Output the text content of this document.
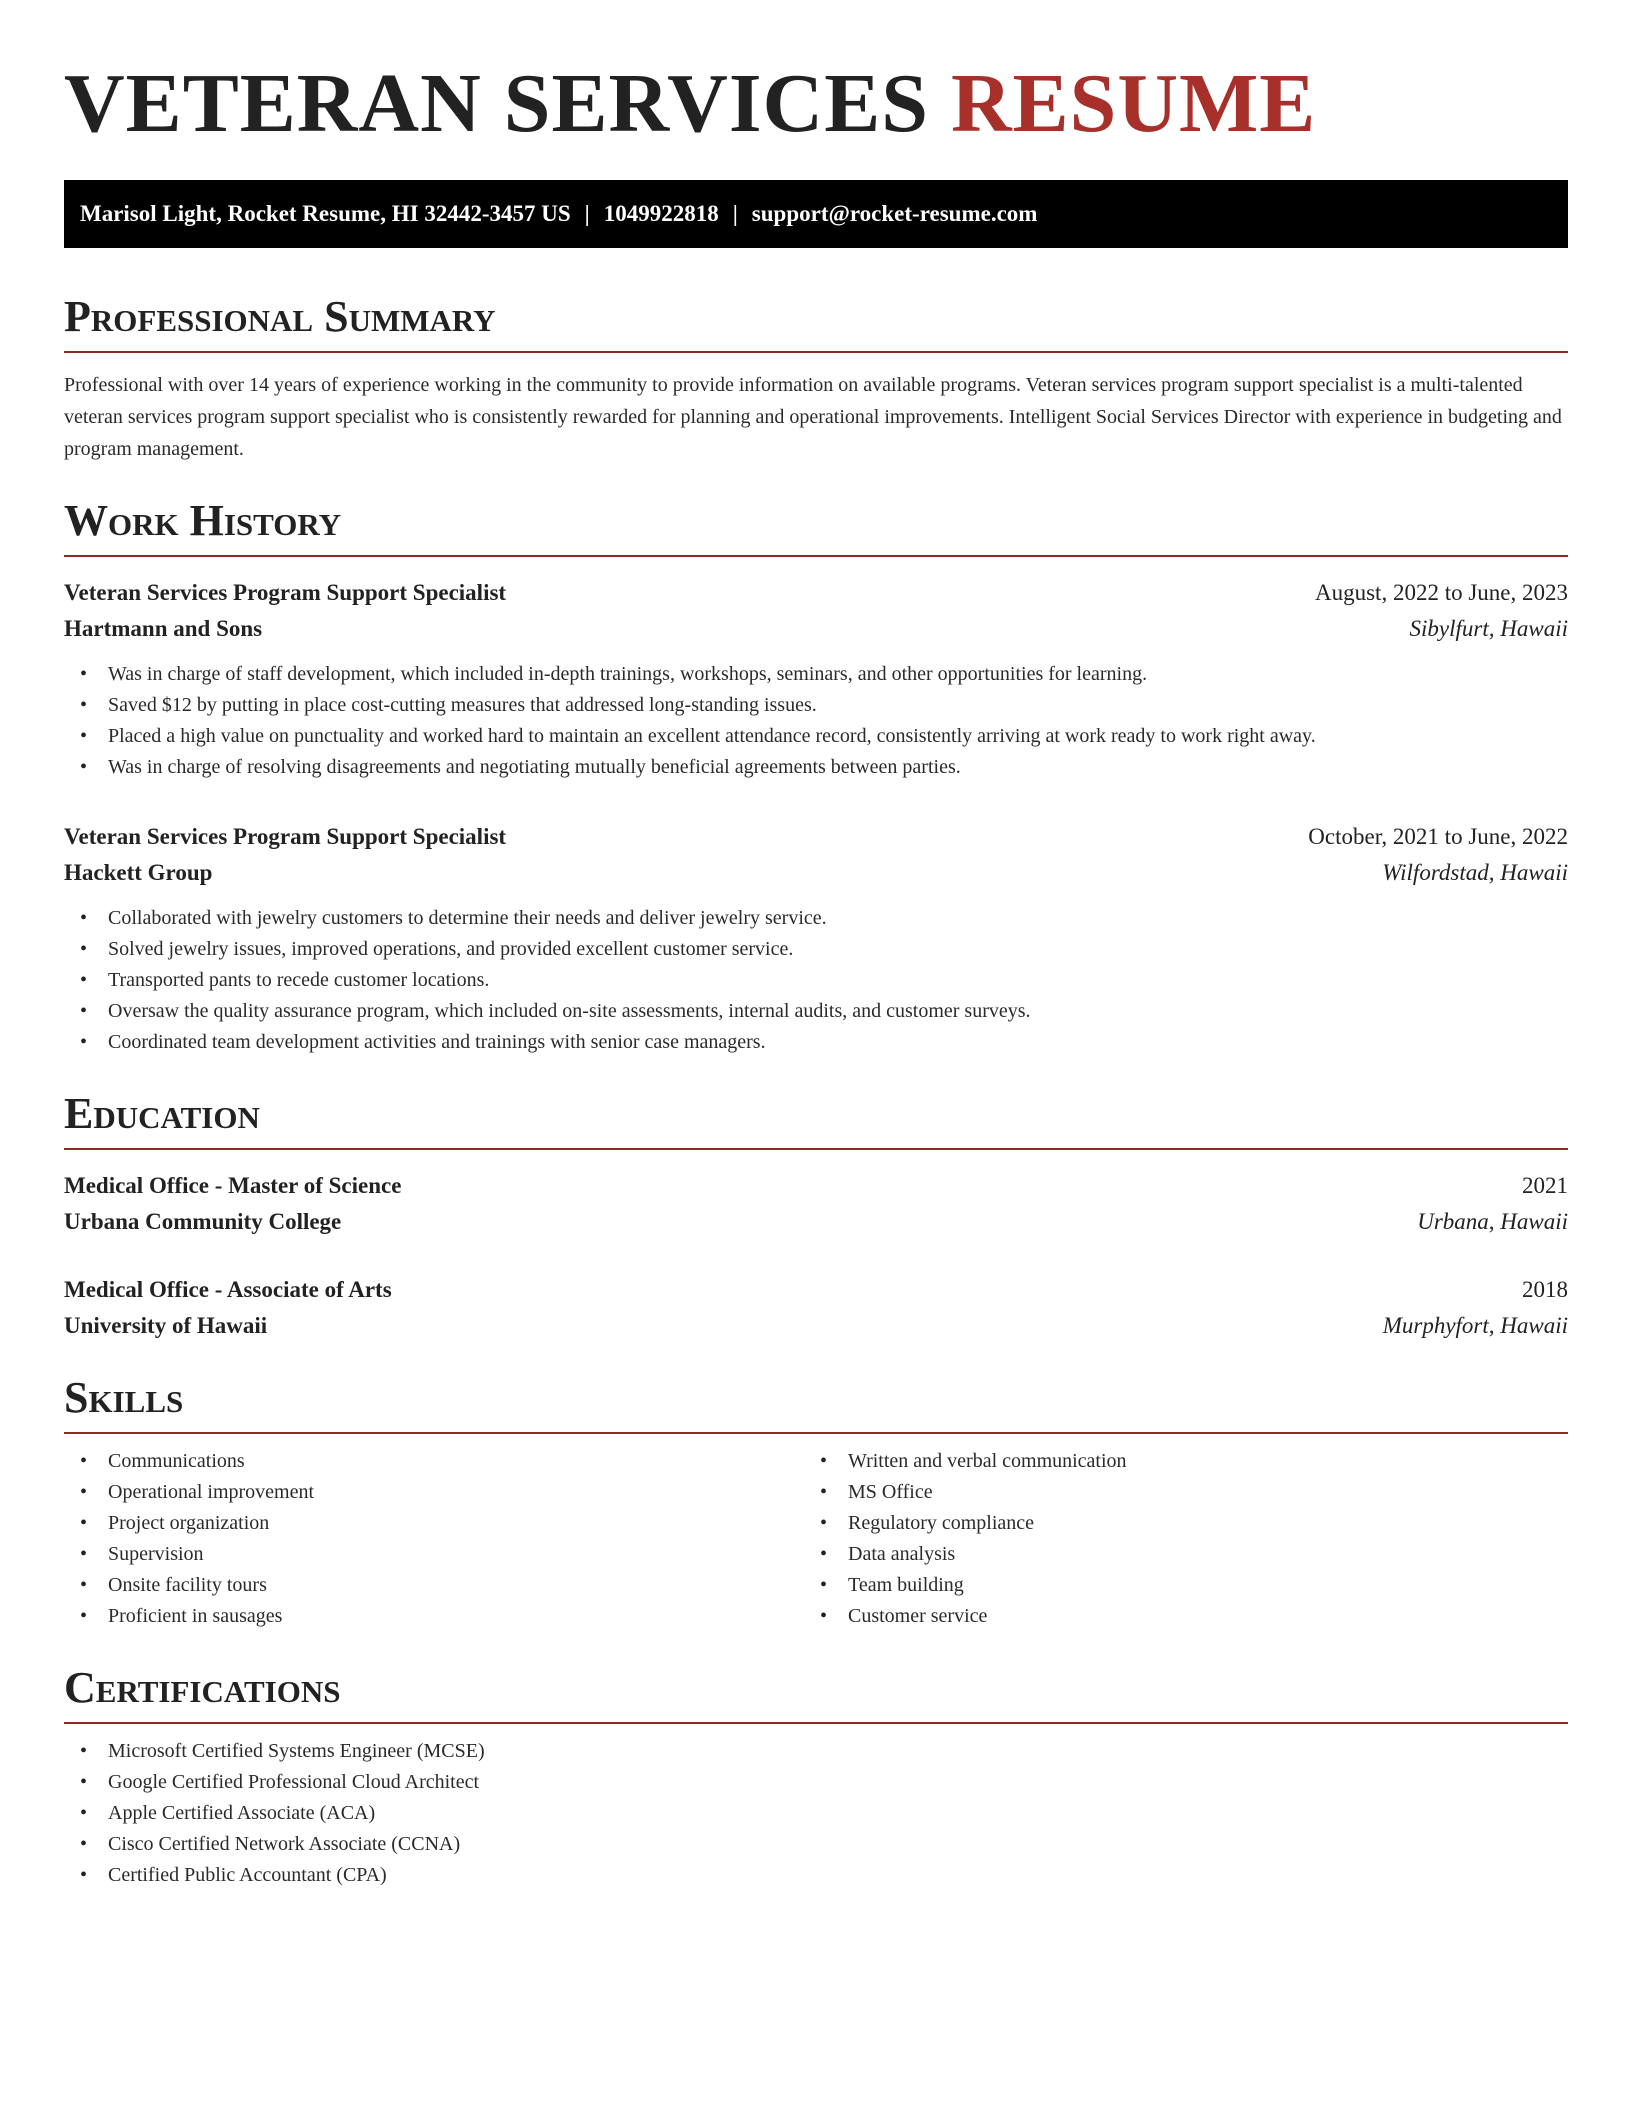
VETERAN SERVICES RESUME
Marisol Light, Rocket Resume, HI 32442-3457 US | 1049922818 | support@rocket-resume.com
Professional Summary

Professional with over 14 years of experience working in the community to provide information on available programs. Veteran services program support specialist is a multi-talented veteran services program support specialist who is consistently rewarded for planning and operational improvements. Intelligent Social Services Director with experience in budgeting and program management.

Work History
Veteran Services Program Support Specialist	August, 2022 to June, 2023
Hartmann and Sons	Sibylfurt, Hawaii
• Was in charge of staff development, which included in-depth trainings, workshops, seminars, and other opportunities for learning.
• Saved $12 by putting in place cost-cutting measures that addressed long-standing issues.
• Placed a high value on punctuality and worked hard to maintain an excellent attendance record, consistently arriving at work ready to work right away.
• Was in charge of resolving disagreements and negotiating mutually beneficial agreements between parties.
Veteran Services Program Support Specialist	October, 2021 to June, 2022
Hackett Group	Wilfordstad, Hawaii
• Collaborated with jewelry customers to determine their needs and deliver jewelry service.
• Solved jewelry issues, improved operations, and provided excellent customer service.
• Transported pants to recede customer locations.
• Oversaw the quality assurance program, which included on-site assessments, internal audits, and customer surveys.
• Coordinated team development activities and trainings with senior case managers.
Education
Medical Office - Master of Science	2021
Urbana Community College	Urbana, Hawaii
Medical Office - Associate of Arts	2018
University of Hawaii	Murphyfort, Hawaii
Skills
• Communications
• Operational improvement
• Project organization
• Supervision
• Onsite facility tours
• Proficient in sausages
• Written and verbal communication
• MS Office
• Regulatory compliance
• Data analysis
• Team building
• Customer service
Certifications
• Microsoft Certified Systems Engineer (MCSE)
• Google Certified Professional Cloud Architect
• Apple Certified Associate (ACA)
• Cisco Certified Network Associate (CCNA)
• Certified Public Accountant (CPA)
